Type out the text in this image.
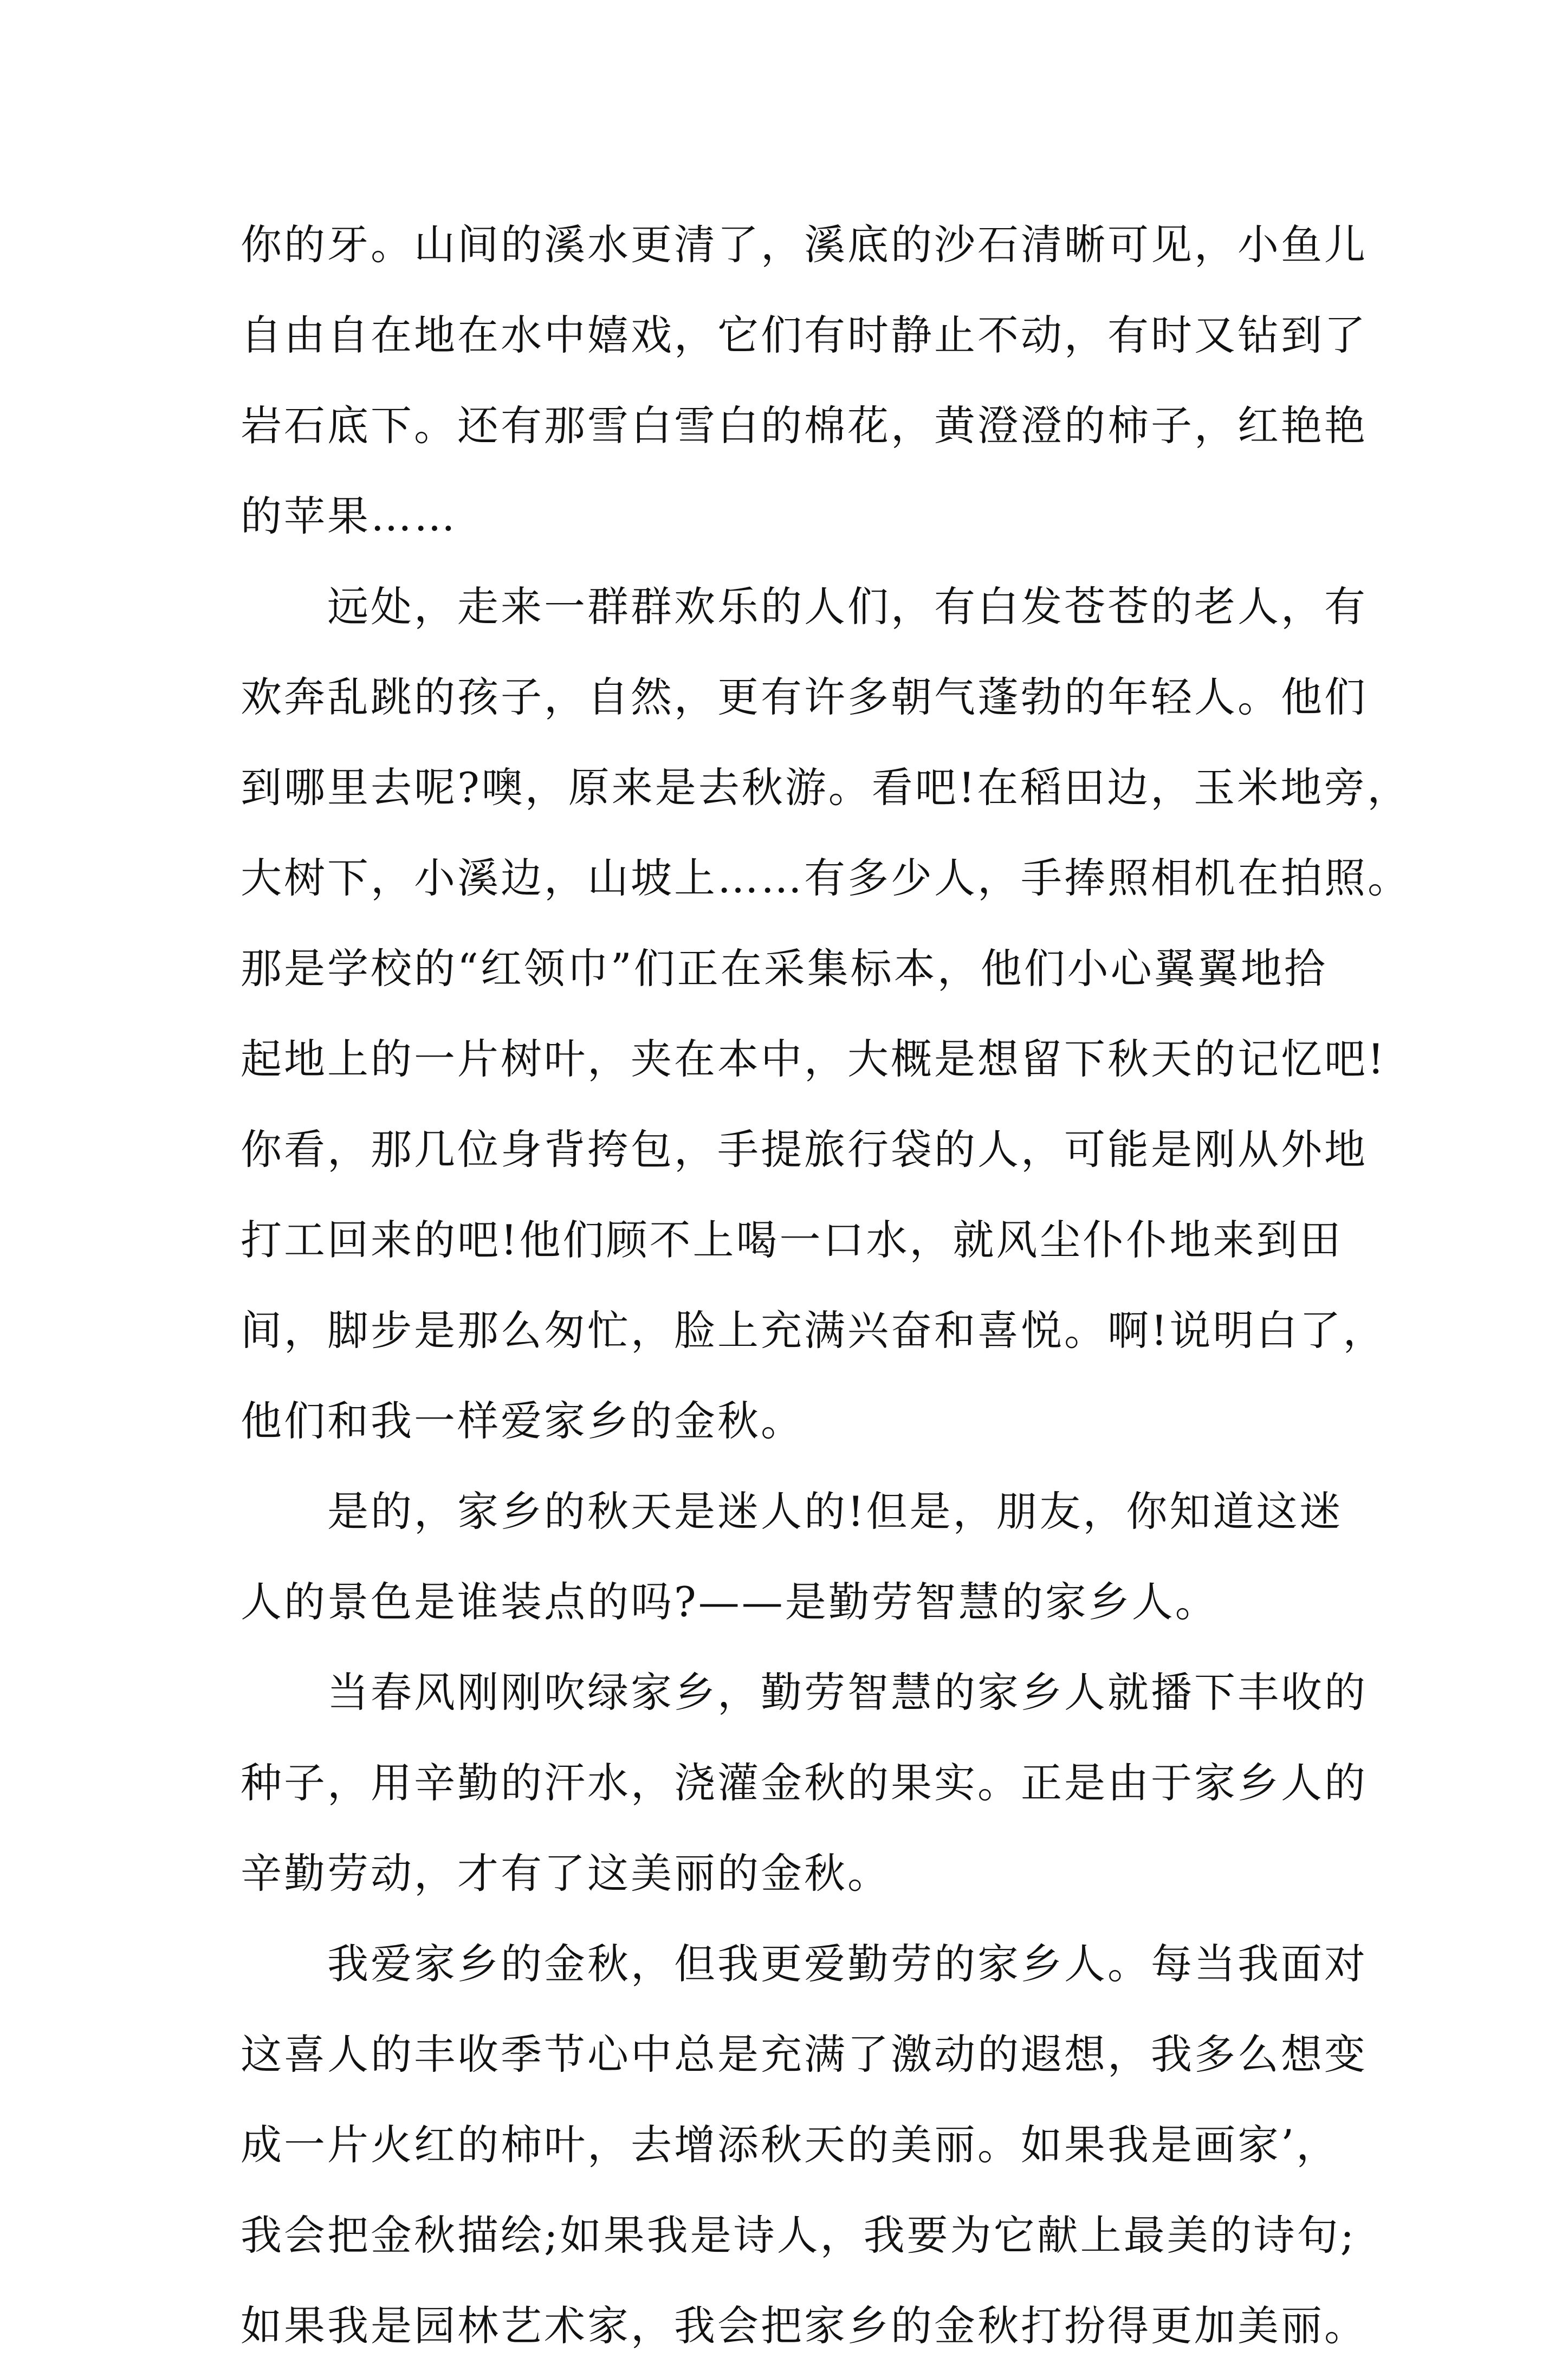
你的牙。山间的溪水更清了，溪底的沙石清晰可见，小鱼儿
自由自在地在水中嬉戏，它们有时静止不动，有时又钻到了
岩石底下。还有那雪白雪白的棉花，黄澄澄的柿子，红艳艳
的苹果……
　　远处，走来一群群欢乐的人们，有白发苍苍的老人，有
欢奔乱跳的孩子，自然，更有许多朝气蓬勃的年轻人。他们
到哪里去呢?噢，原来是去秋游。看吧!在稻田边，玉米地旁，
大树下，小溪边，山坡上……有多少人，手捧照相机在拍照。
那是学校的“红领巾”们正在采集标本，他们小心翼翼地拾
起地上的一片树叶，夹在本中，大概是想留下秋天的记忆吧!
你看，那几位身背挎包，手提旅行袋的人，可能是刚从外地
打工回来的吧!他们顾不上喝一口水，就风尘仆仆地来到田
间，脚步是那么匆忙，脸上充满兴奋和喜悦。啊!说明白了，
他们和我一样爱家乡的金秋。
　　是的，家乡的秋天是迷人的!但是，朋友，你知道这迷
人的景色是谁装点的吗?——是勤劳智慧的家乡人。
　　当春风刚刚吹绿家乡，勤劳智慧的家乡人就播下丰收的
种子，用辛勤的汗水，浇灌金秋的果实。正是由于家乡人的
辛勤劳动，才有了这美丽的金秋。
　　我爱家乡的金秋，但我更爱勤劳的家乡人。每当我面对
这喜人的丰收季节心中总是充满了激动的遐想，我多么想变
成一片火红的柿叶，去增添秋天的美丽。如果我是画家’，
我会把金秋描绘;如果我是诗人，我要为它献上最美的诗句;
如果我是园林艺术家，我会把家乡的金秋打扮得更加美丽。
